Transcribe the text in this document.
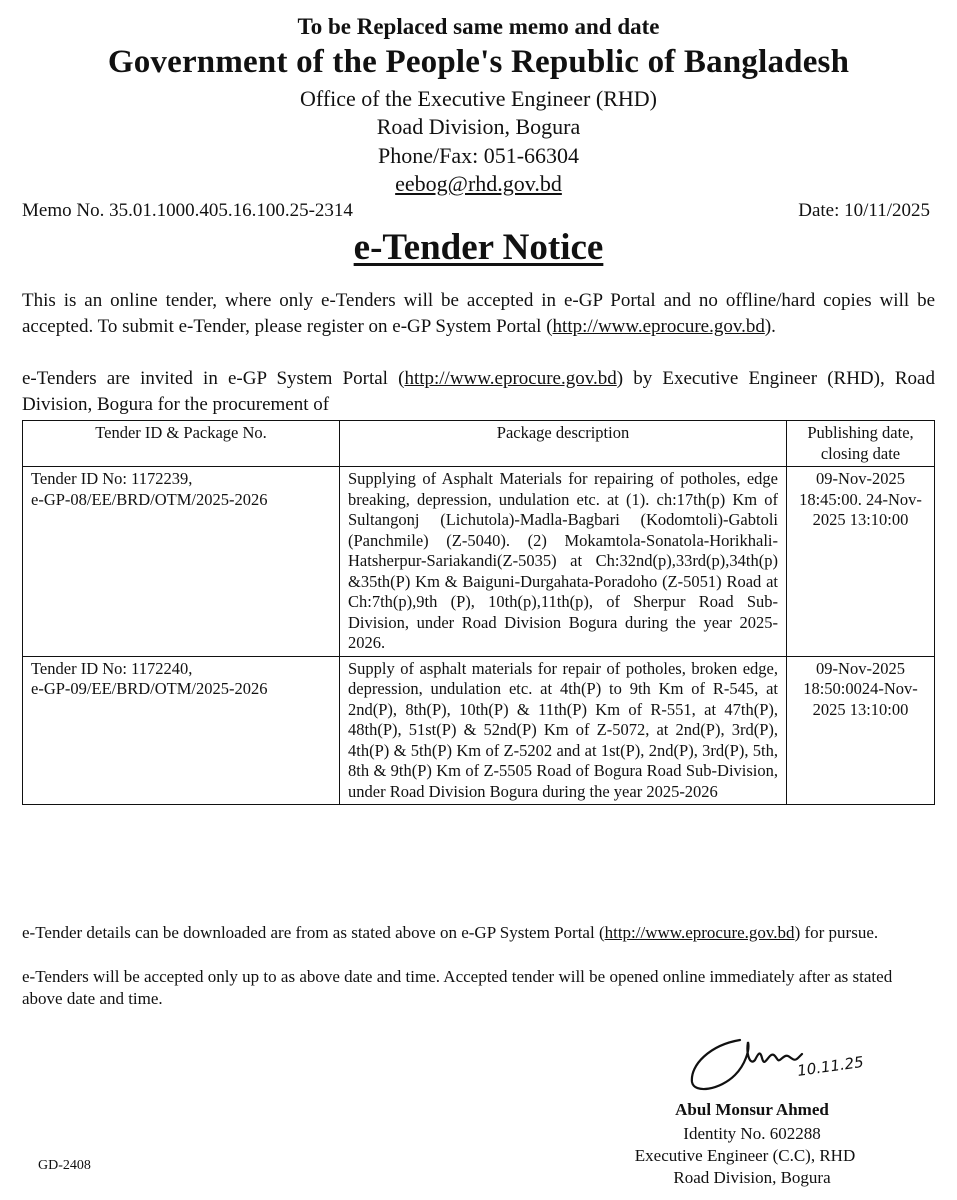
To be Replaced same memo and date
Government of the People's Republic of Bangladesh
Office of the Executive Engineer (RHD)
Road Division, Bogura
Phone/Fax: 051-66304
eebog@rhd.gov.bd
Memo No. 35.01.1000.405.16.100.25-2314	Date: 10/11/2025
e-Tender Notice
This is an online tender, where only e-Tenders will be accepted in e-GP Portal and no offline/hard copies will be accepted. To submit e-Tender, please register on e-GP System Portal (http://www.eprocure.gov.bd).
e-Tenders are invited in e-GP System Portal (http://www.eprocure.gov.bd) by Executive Engineer (RHD), Road Division, Bogura for the procurement of
Tender ID & Package No.	Package description	Publishing date, closing date

Tender ID No: 1172239,
e-GP-08/EE/BRD/OTM/2025-2026	Supplying of Asphalt Materials for repairing of potholes, edge breaking, depression, undulation etc. at (1). ch:17th(p) Km of Sultangonj (Lichutola)-Madla-Bagbari (Kodomtoli)-Gabtoli (Panchmile) (Z-5040). (2) Mokamtola-Sonatola-Horikhali-Hatsherpur-Sariakandi(Z-5035) at Ch:32nd(p),33rd(p),34th(p) &35th(P) Km & Baiguni-Durgahata-Poradoho (Z-5051) Road at Ch:7th(p),9th (P), 10th(p),11th(p), of Sherpur Road Sub-Division, under Road Division Bogura during the year 2025-2026.	09-Nov-2025 18:45:00. 24-Nov-2025 13:10:00

Tender ID No: 1172240,
e-GP-09/EE/BRD/OTM/2025-2026	Supply of asphalt materials for repair of potholes, broken edge, depression, undulation etc. at 4th(P) to 9th Km of R-545, at 2nd(P), 8th(P), 10th(P) & 11th(P) Km of R-551, at 47th(P), 48th(P), 51st(P) & 52nd(P) Km of Z-5072, at 2nd(P), 3rd(P), 4th(P) & 5th(P) Km of Z-5202 and at 1st(P), 2nd(P), 3rd(P), 5th, 8th & 9th(P) Km of Z-5505 Road of Bogura Road Sub-Division, under Road Division Bogura during the year 2025-2026	09-Nov-2025 18:50:0024-Nov-2025 13:10:00
e-Tender details can be downloaded are from as stated above on e-GP System Portal (http://www.eprocure.gov.bd) for pursue.
e-Tenders will be accepted only up to as above date and time. Accepted tender will be opened online immediately after as stated above date and time.
10.11.25
Abul Monsur Ahmed
Identity No. 602288
Executive Engineer (C.C), RHD
Road Division, Bogura
GD-2408
